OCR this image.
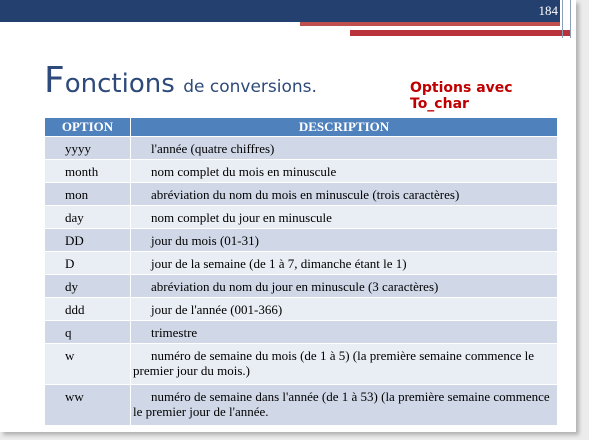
184
Fonctions de conversions.	Options avec To_char
OPTION	DESCRIPTION
yyyy	l'année (quatre chiffres)
month	nom complet du mois en minuscule
mon	abréviation du nom du mois en minuscule (trois caractères)
day	nom complet du jour en minuscule
DD	jour du mois (01-31)
D	jour de la semaine (de 1 à 7, dimanche étant le 1)
dy	abréviation du nom du jour en minuscule (3 caractères)
ddd	jour de l'année (001-366)
q	trimestre
w	numéro de semaine du mois (de 1 à 5) (la première semaine commence le premier jour du mois.)
ww	numéro de semaine dans l'année (de 1 à 53) (la première semaine commence le premier jour de l'année.
